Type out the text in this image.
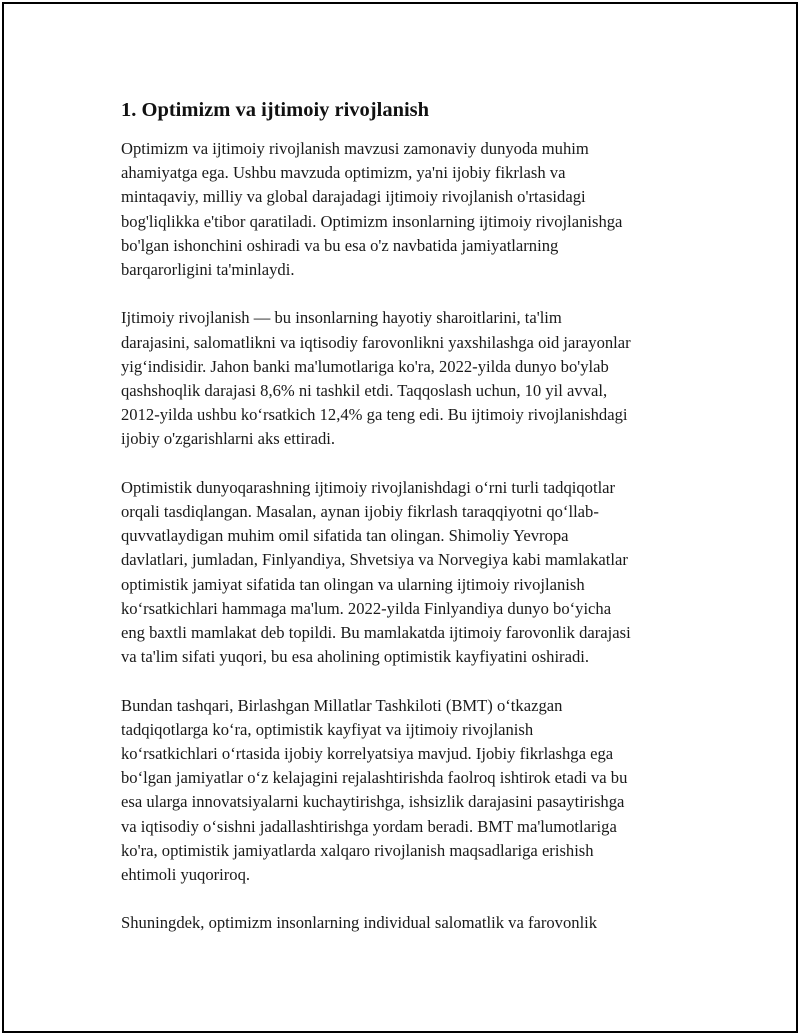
1. Optimizm va ijtimoiy rivojlanish

Optimizm va ijtimoiy rivojlanish mavzusi zamonaviy dunyoda muhim
ahamiyatga ega. Ushbu mavzuda optimizm, ya'ni ijobiy fikrlash va
mintaqaviy, milliy va global darajadagi ijtimoiy rivojlanish o'rtasidagi
bog'liqlikka e'tibor qaratiladi. Optimizm insonlarning ijtimoiy rivojlanishga
bo'lgan ishonchini oshiradi va bu esa o'z navbatida jamiyatlarning
barqarorligini ta'minlaydi.

Ijtimoiy rivojlanish — bu insonlarning hayotiy sharoitlarini, ta'lim
darajasini, salomatlikni va iqtisodiy farovonlikni yaxshilashga oid jarayonlar
yig‘indisidir. Jahon banki ma'lumotlariga ko'ra, 2022-yilda dunyo bo'ylab
qashshoqlik darajasi 8,6% ni tashkil etdi. Taqqoslash uchun, 10 yil avval,
2012-yilda ushbu ko‘rsatkich 12,4% ga teng edi. Bu ijtimoiy rivojlanishdagi
ijobiy o'zgarishlarni aks ettiradi.

Optimistik dunyoqarashning ijtimoiy rivojlanishdagi o‘rni turli tadqiqotlar
orqali tasdiqlangan. Masalan, aynan ijobiy fikrlash taraqqiyotni qo‘llab-
quvvatlaydigan muhim omil sifatida tan olingan. Shimoliy Yevropa
davlatlari, jumladan, Finlyandiya, Shvetsiya va Norvegiya kabi mamlakatlar
optimistik jamiyat sifatida tan olingan va ularning ijtimoiy rivojlanish
ko‘rsatkichlari hammaga ma'lum. 2022-yilda Finlyandiya dunyo bo‘yicha
eng baxtli mamlakat deb topildi. Bu mamlakatda ijtimoiy farovonlik darajasi
va ta'lim sifati yuqori, bu esa aholining optimistik kayfiyatini oshiradi.

Bundan tashqari, Birlashgan Millatlar Tashkiloti (BMT) o‘tkazgan
tadqiqotlarga ko‘ra, optimistik kayfiyat va ijtimoiy rivojlanish
ko‘rsatkichlari o‘rtasida ijobiy korrelyatsiya mavjud. Ijobiy fikrlashga ega
bo‘lgan jamiyatlar o‘z kelajagini rejalashtirishda faolroq ishtirok etadi va bu
esa ularga innovatsiyalarni kuchaytirishga, ishsizlik darajasini pasaytirishga
va iqtisodiy o‘sishni jadallashtirishga yordam beradi. BMT ma'lumotlariga
ko'ra, optimistik jamiyatlarda xalqaro rivojlanish maqsadlariga erishish
ehtimoli yuqoriroq.

Shuningdek, optimizm insonlarning individual salomatlik va farovonlik
